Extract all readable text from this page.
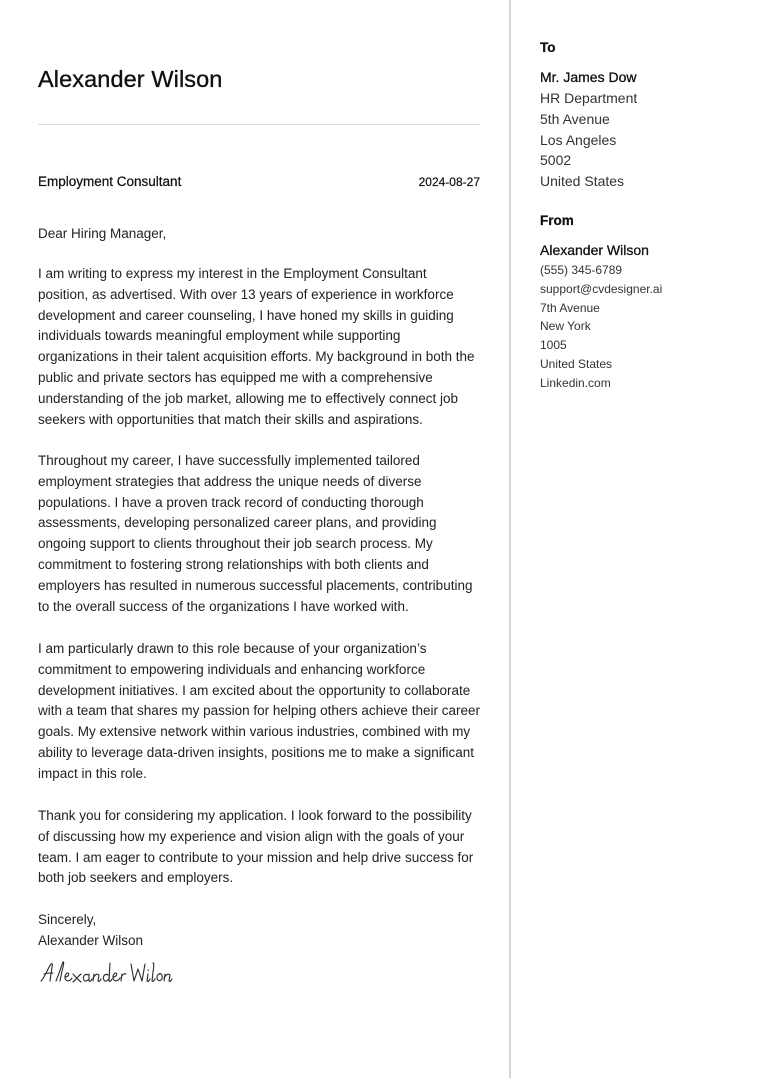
Alexander Wilson
Employment Consultant	2024-08-27

Dear Hiring Manager,

I am writing to express my interest in the Employment Consultant position, as advertised. With over 13 years of experience in workforce development and career counseling, I have honed my skills in guiding individuals towards meaningful employment while supporting organizations in their talent acquisition efforts. My background in both the public and private sectors has equipped me with a comprehensive understanding of the job market, allowing me to effectively connect job seekers with opportunities that match their skills and aspirations.

Throughout my career, I have successfully implemented tailored employment strategies that address the unique needs of diverse populations. I have a proven track record of conducting thorough assessments, developing personalized career plans, and providing ongoing support to clients throughout their job search process. My commitment to fostering strong relationships with both clients and employers has resulted in numerous successful placements, contributing to the overall success of the organizations I have worked with.

I am particularly drawn to this role because of your organization’s commitment to empowering individuals and enhancing workforce development initiatives. I am excited about the opportunity to collaborate with a team that shares my passion for helping others achieve their career goals. My extensive network within various industries, combined with my ability to leverage data-driven insights, positions me to make a significant impact in this role.

Thank you for considering my application. I look forward to the possibility of discussing how my experience and vision align with the goals of your team. I am eager to contribute to your mission and help drive success for both job seekers and employers.

Sincerely,
Alexander Wilson

To

Mr. James Dow

HR Department
5th Avenue
Los Angeles
5002
United States

From

Alexander Wilson

(555) 345-6789
support@cvdesigner.ai
7th Avenue
New York
1005
United States
Linkedin.com
